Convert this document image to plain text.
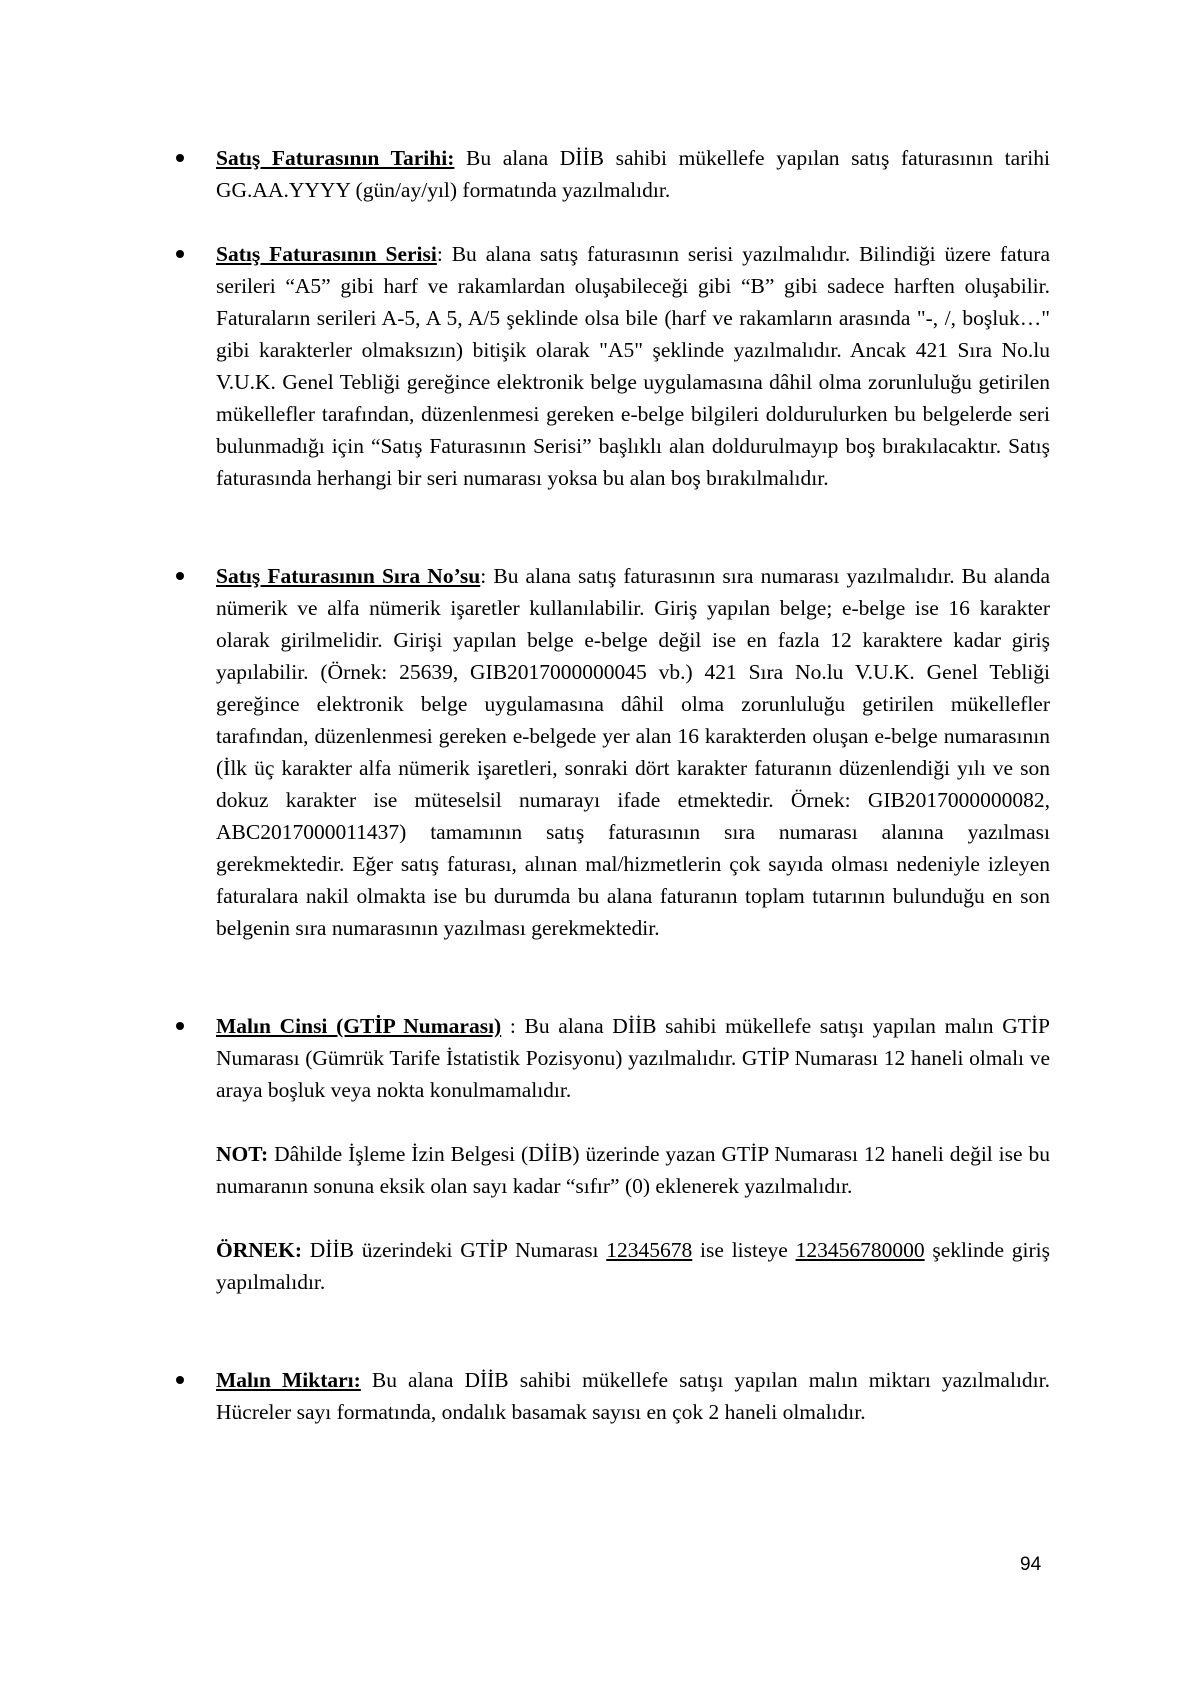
Satış Faturasının Tarihi: Bu alana DİİB sahibi mükellefe yapılan satış faturasının tarihi GG.AA.YYYY (gün/ay/yıl) formatında yazılmalıdır.
Satış Faturasının Serisi: Bu alana satış faturasının serisi yazılmalıdır. Bilindiği üzere fatura serileri “A5” gibi harf ve rakamlardan oluşabileceği gibi “B” gibi sadece harften oluşabilir. Faturaların serileri A-5, A 5, A/5 şeklinde olsa bile (harf ve rakamların arasında "-, /, boşluk…" gibi karakterler olmaksızın) bitişik olarak "A5" şeklinde yazılmalıdır. Ancak 421 Sıra No.lu V.U.K. Genel Tebliği gereğince elektronik belge uygulamasına dâhil olma zorunluluğu getirilen mükellefler tarafından, düzenlenmesi gereken e-belge bilgileri doldurulurken bu belgelerde seri bulunmadığı için “Satış Faturasının Serisi” başlıklı alan doldurulmayıp boş bırakılacaktır. Satış faturasında herhangi bir seri numarası yoksa bu alan boş bırakılmalıdır.
Satış Faturasının Sıra No’su: Bu alana satış faturasının sıra numarası yazılmalıdır. Bu alanda nümerik ve alfa nümerik işaretler kullanılabilir. Giriş yapılan belge; e-belge ise 16 karakter olarak girilmelidir. Girişi yapılan belge e-belge değil ise en fazla 12 karaktere kadar giriş yapılabilir. (Örnek: 25639, GIB2017000000045 vb.) 421 Sıra No.lu V.U.K. Genel Tebliği gereğince elektronik belge uygulamasına dâhil olma zorunluluğu getirilen mükellefler tarafından, düzenlenmesi gereken e-belgede yer alan 16 karakterden oluşan e-belge numarasının (İlk üç karakter alfa nümerik işaretleri, sonraki dört karakter faturanın düzenlendiği yılı ve son dokuz karakter ise müteselsil numarayı ifade etmektedir. Örnek: GIB2017000000082, ABC2017000011437) tamamının satış faturasının sıra numarası alanına yazılması gerekmektedir. Eğer satış faturası, alınan mal/hizmetlerin çok sayıda olması nedeniyle izleyen faturalara nakil olmakta ise bu durumda bu alana faturanın toplam tutarının bulunduğu en son belgenin sıra numarasının yazılması gerekmektedir.
Malın Cinsi (GTİP Numarası) : Bu alana DİİB sahibi mükellefe satışı yapılan malın GTİP Numarası (Gümrük Tarife İstatistik Pozisyonu) yazılmalıdır. GTİP Numarası 12 haneli olmalı ve araya boşluk veya nokta konulmamalıdır.
NOT: Dâhilde İşleme İzin Belgesi (DİİB) üzerinde yazan GTİP Numarası 12 haneli değil ise bu numaranın sonuna eksik olan sayı kadar “sıfır” (0) eklenerek yazılmalıdır.
ÖRNEK: DİİB üzerindeki GTİP Numarası 12345678 ise listeye 123456780000 şeklinde giriş yapılmalıdır.
Malın Miktarı: Bu alana DİİB sahibi mükellefe satışı yapılan malın miktarı yazılmalıdır. Hücreler sayı formatında, ondalık basamak sayısı en çok 2 haneli olmalıdır.
94
